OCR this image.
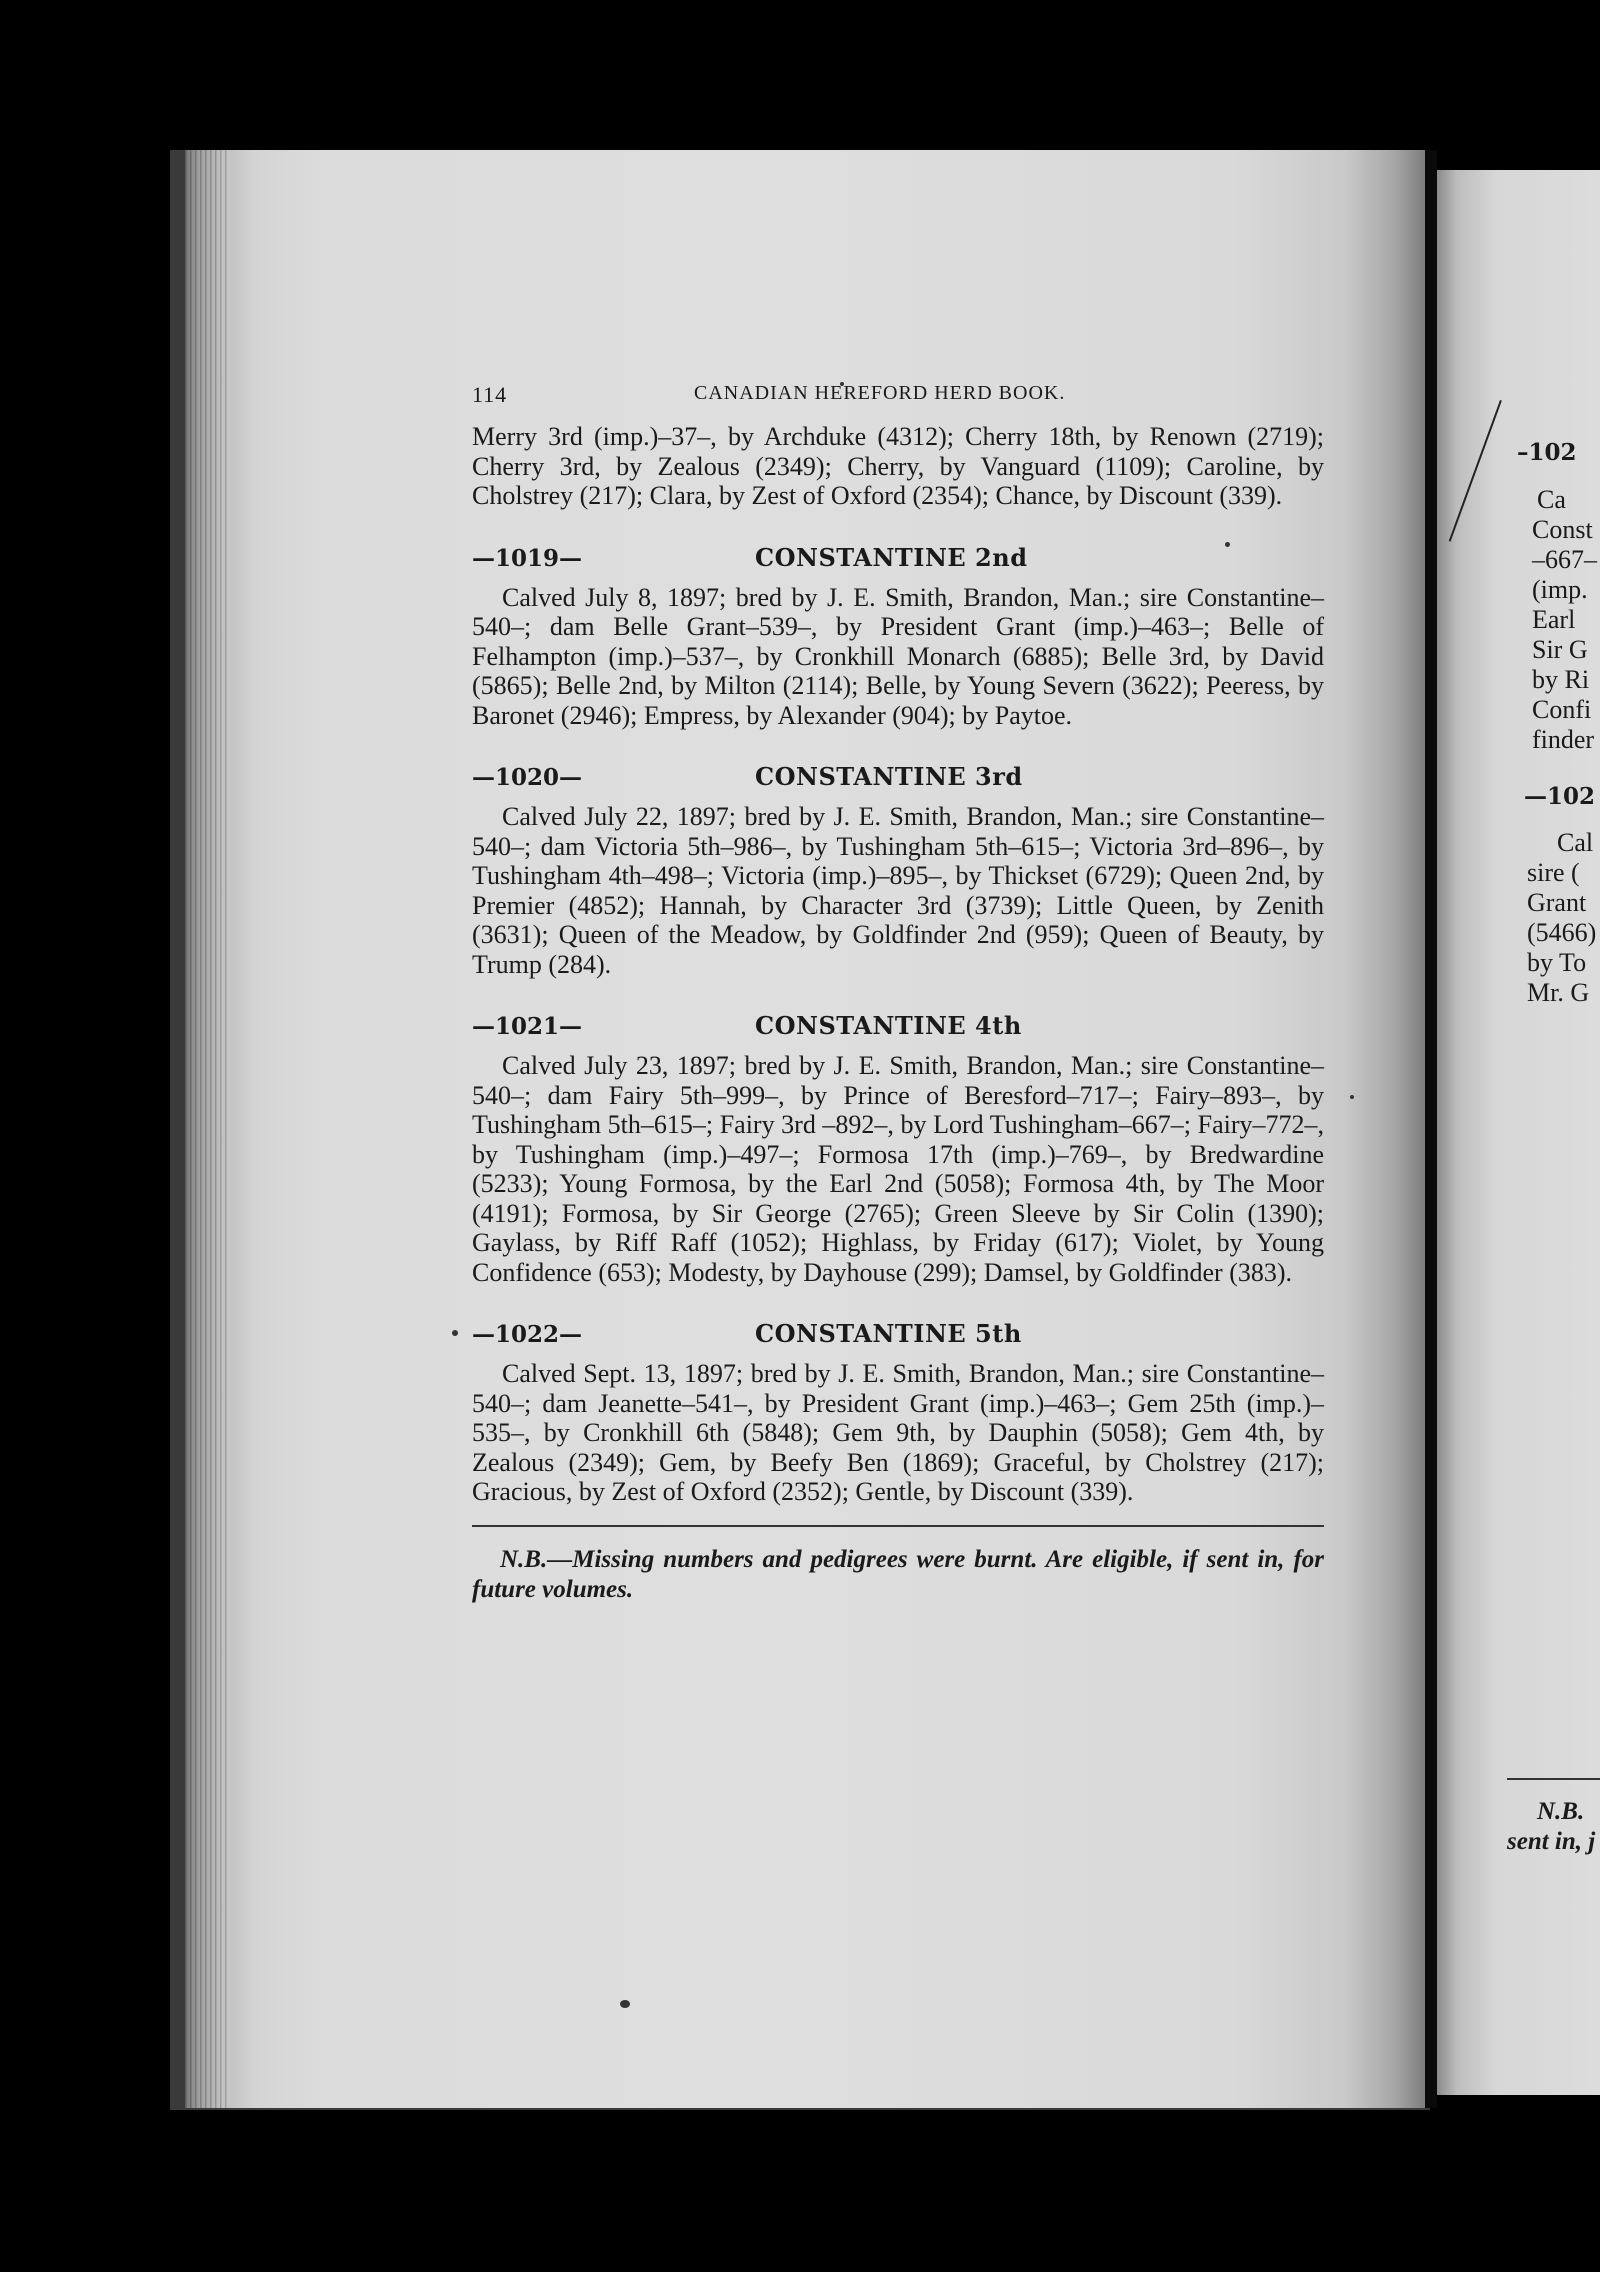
–102
Ca
Const
–667–
(imp.
Earl
Sir G
by Ri
Confi
finder
—102
Cal
sire (
Grant
(5466)
by To
Mr. G
N.B.
sent in, j
114	CANADIAN HEREFORD HERD BOOK.

Merry 3rd (imp.)–37–, by Archduke (4312); Cherry 18th, by Renown (2719); Cherry 3rd, by Zealous (2349); Cherry, by Vanguard (1109); Caroline, by Cholstrey (217); Clara, by Zest of Oxford (2354); Chance, by Discount (339).

—1019—	CONSTANTINE 2nd

Calved July 8, 1897; bred by J. E. Smith, Brandon, Man.; sire Constantine–540–; dam Belle Grant–539–, by President Grant (imp.)–463–; Belle of Felhampton (imp.)–537–, by Cronkhill Monarch (6885); Belle 3rd, by David (5865); Belle 2nd, by Milton (2114); Belle, by Young Severn (3622); Peeress, by Baronet (2946); Empress, by Alexander (904); by Paytoe.

—1020—	CONSTANTINE 3rd

Calved July 22, 1897; bred by J. E. Smith, Brandon, Man.; sire Constantine–540–; dam Victoria 5th–986–, by Tushingham 5th–615–; Victoria 3rd–896–, by Tushingham 4th–498–; Victoria (imp.)–895–, by Thickset (6729); Queen 2nd, by Premier (4852); Hannah, by Character 3rd (3739); Little Queen, by Zenith (3631); Queen of the Meadow, by Goldfinder 2nd (959); Queen of Beauty, by Trump (284).

—1021—	CONSTANTINE 4th

Calved July 23, 1897; bred by J. E. Smith, Brandon, Man.; sire Constantine–540–; dam Fairy 5th–999–, by Prince of Beresford–717–; Fairy–893–, by Tushingham 5th–615–; Fairy 3rd –892–, by Lord Tushingham–667–; Fairy–772–, by Tushingham (imp.)–497–; Formosa 17th (imp.)–769–, by Bredwardine (5233); Young Formosa, by the Earl 2nd (5058); Formosa 4th, by The Moor (4191); Formosa, by Sir George (2765); Green Sleeve by Sir Colin (1390); Gaylass, by Riff Raff (1052); Highlass, by Friday (617); Violet, by Young Confidence (653); Modesty, by Dayhouse (299); Damsel, by Goldfinder (383).

—1022—	CONSTANTINE 5th

Calved Sept. 13, 1897; bred by J. E. Smith, Brandon, Man.; sire Constantine–540–; dam Jeanette–541–, by President Grant (imp.)–463–; Gem 25th (imp.)–535–, by Cronkhill 6th (5848); Gem 9th, by Dauphin (5058); Gem 4th, by Zealous (2349); Gem, by Beefy Ben (1869); Graceful, by Cholstrey (217); Gracious, by Zest of Oxford (2352); Gentle, by Discount (339).

N.B.—Missing numbers and pedigrees were burnt. Are eligible, if sent in, for future volumes.
